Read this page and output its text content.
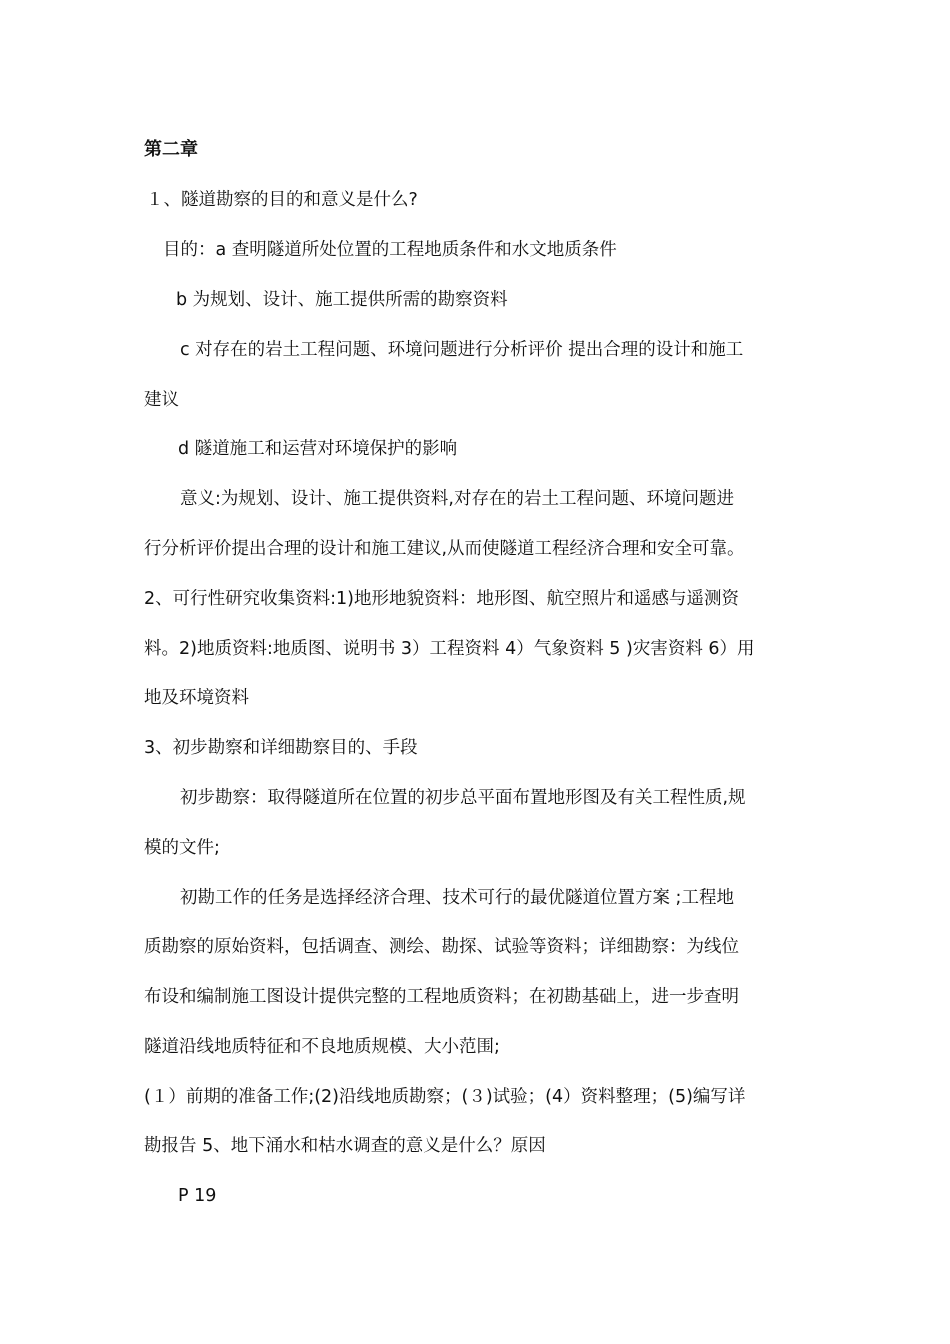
第二章
１、隧道勘察的目的和意义是什么?
目的：a 查明隧道所处位置的工程地质条件和水文地质条件
b 为规划、设计、施工提供所需的勘察资料
c 对存在的岩土工程问题、环境问题进行分析评价 提出合理的设计和施工
建议
d 隧道施工和运营对环境保护的影响
意义:为规划、设计、施工提供资料,对存在的岩土工程问题、环境问题进
行分析评价提出合理的设计和施工建议,从而使隧道工程经济合理和安全可靠。
2、可行性研究收集资料:1)地形地貌资料：地形图、航空照片和遥感与遥测资
料。2)地质资料:地质图、说明书 3）工程资料 4）气象资料 5 )灾害资料 6）用
地及环境资料
3、初步勘察和详细勘察目的、手段
初步勘察：取得隧道所在位置的初步总平面布置地形图及有关工程性质,规
模的文件;
初勘工作的任务是选择经济合理、技术可行的最优隧道位置方案 ;工程地
质勘察的原始资料，包括调查、测绘、勘探、试验等资料；详细勘察：为线位
布设和编制施工图设计提供完整的工程地质资料；在初勘基础上，进一步查明
隧道沿线地质特征和不良地质规模、大小范围;
(１）前期的准备工作;(2)沿线地质勘察；(３)试验；(4）资料整理；(5)编写详
勘报告 5、地下涌水和枯水调查的意义是什么？原因
P 19
